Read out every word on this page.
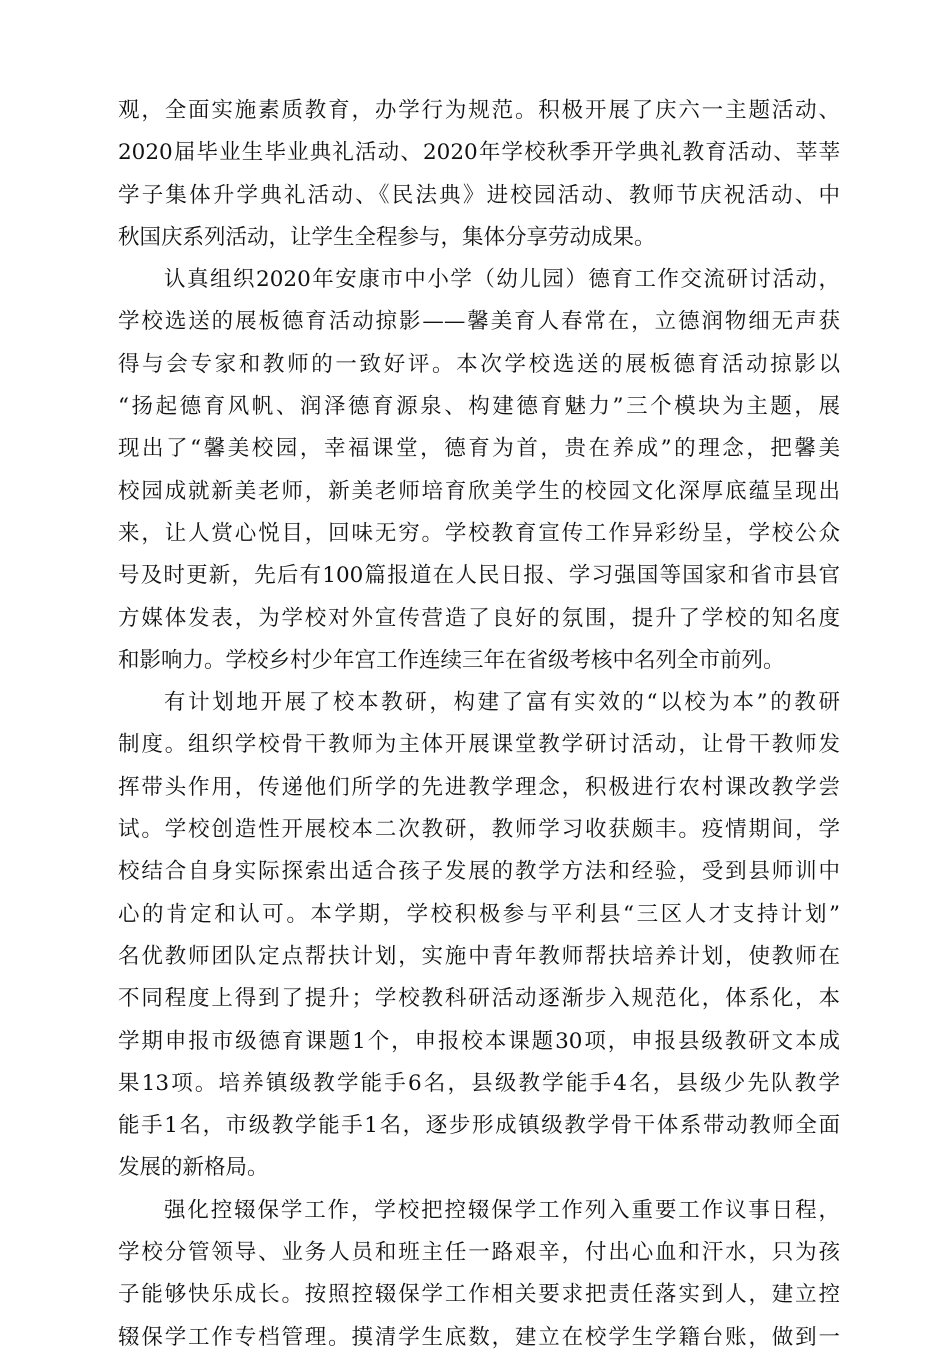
观，全面实施素质教育，办学行为规范。积极开展了庆六一主题活动、
2020届毕业生毕业典礼活动、2020年学校秋季开学典礼教育活动、莘莘
学子集体升学典礼活动、《民法典》进校园活动、教师节庆祝活动、中
秋国庆系列活动，让学生全程参与，集体分享劳动成果。
认真组织2020年安康市中小学（幼儿园）德育工作交流研讨活动，
学校选送的展板德育活动掠影——馨美育人春常在，立德润物细无声获
得与会专家和教师的一致好评。本次学校选送的展板德育活动掠影以
“扬起德育风帆、润泽德育源泉、构建德育魅力”三个模块为主题，展
现出了“馨美校园，幸福课堂，德育为首，贵在养成”的理念，把馨美
校园成就新美老师，新美老师培育欣美学生的校园文化深厚底蕴呈现出
来，让人赏心悦目，回味无穷。学校教育宣传工作异彩纷呈，学校公众
号及时更新，先后有100篇报道在人民日报、学习强国等国家和省市县官
方媒体发表，为学校对外宣传营造了良好的氛围，提升了学校的知名度
和影响力。学校乡村少年宫工作连续三年在省级考核中名列全市前列。
有计划地开展了校本教研，构建了富有实效的“以校为本”的教研
制度。组织学校骨干教师为主体开展课堂教学研讨活动，让骨干教师发
挥带头作用，传递他们所学的先进教学理念，积极进行农村课改教学尝
试。学校创造性开展校本二次教研，教师学习收获颇丰。疫情期间，学
校结合自身实际探索出适合孩子发展的教学方法和经验，受到县师训中
心的肯定和认可。本学期，学校积极参与平利县“三区人才支持计划”
名优教师团队定点帮扶计划，实施中青年教师帮扶培养计划，使教师在
不同程度上得到了提升；学校教科研活动逐渐步入规范化，体系化，本
学期申报市级德育课题1个，申报校本课题30项，申报县级教研文本成
果13项。培养镇级教学能手6名，县级教学能手4名，县级少先队教学
能手1名，市级教学能手1名，逐步形成镇级教学骨干体系带动教师全面
发展的新格局。
强化控辍保学工作，学校把控辍保学工作列入重要工作议事日程，
学校分管领导、业务人员和班主任一路艰辛，付出心血和汗水，只为孩
子能够快乐成长。按照控辍保学工作相关要求把责任落实到人，建立控
辍保学工作专档管理。摸清学生底数，建立在校学生学籍台账，做到一
